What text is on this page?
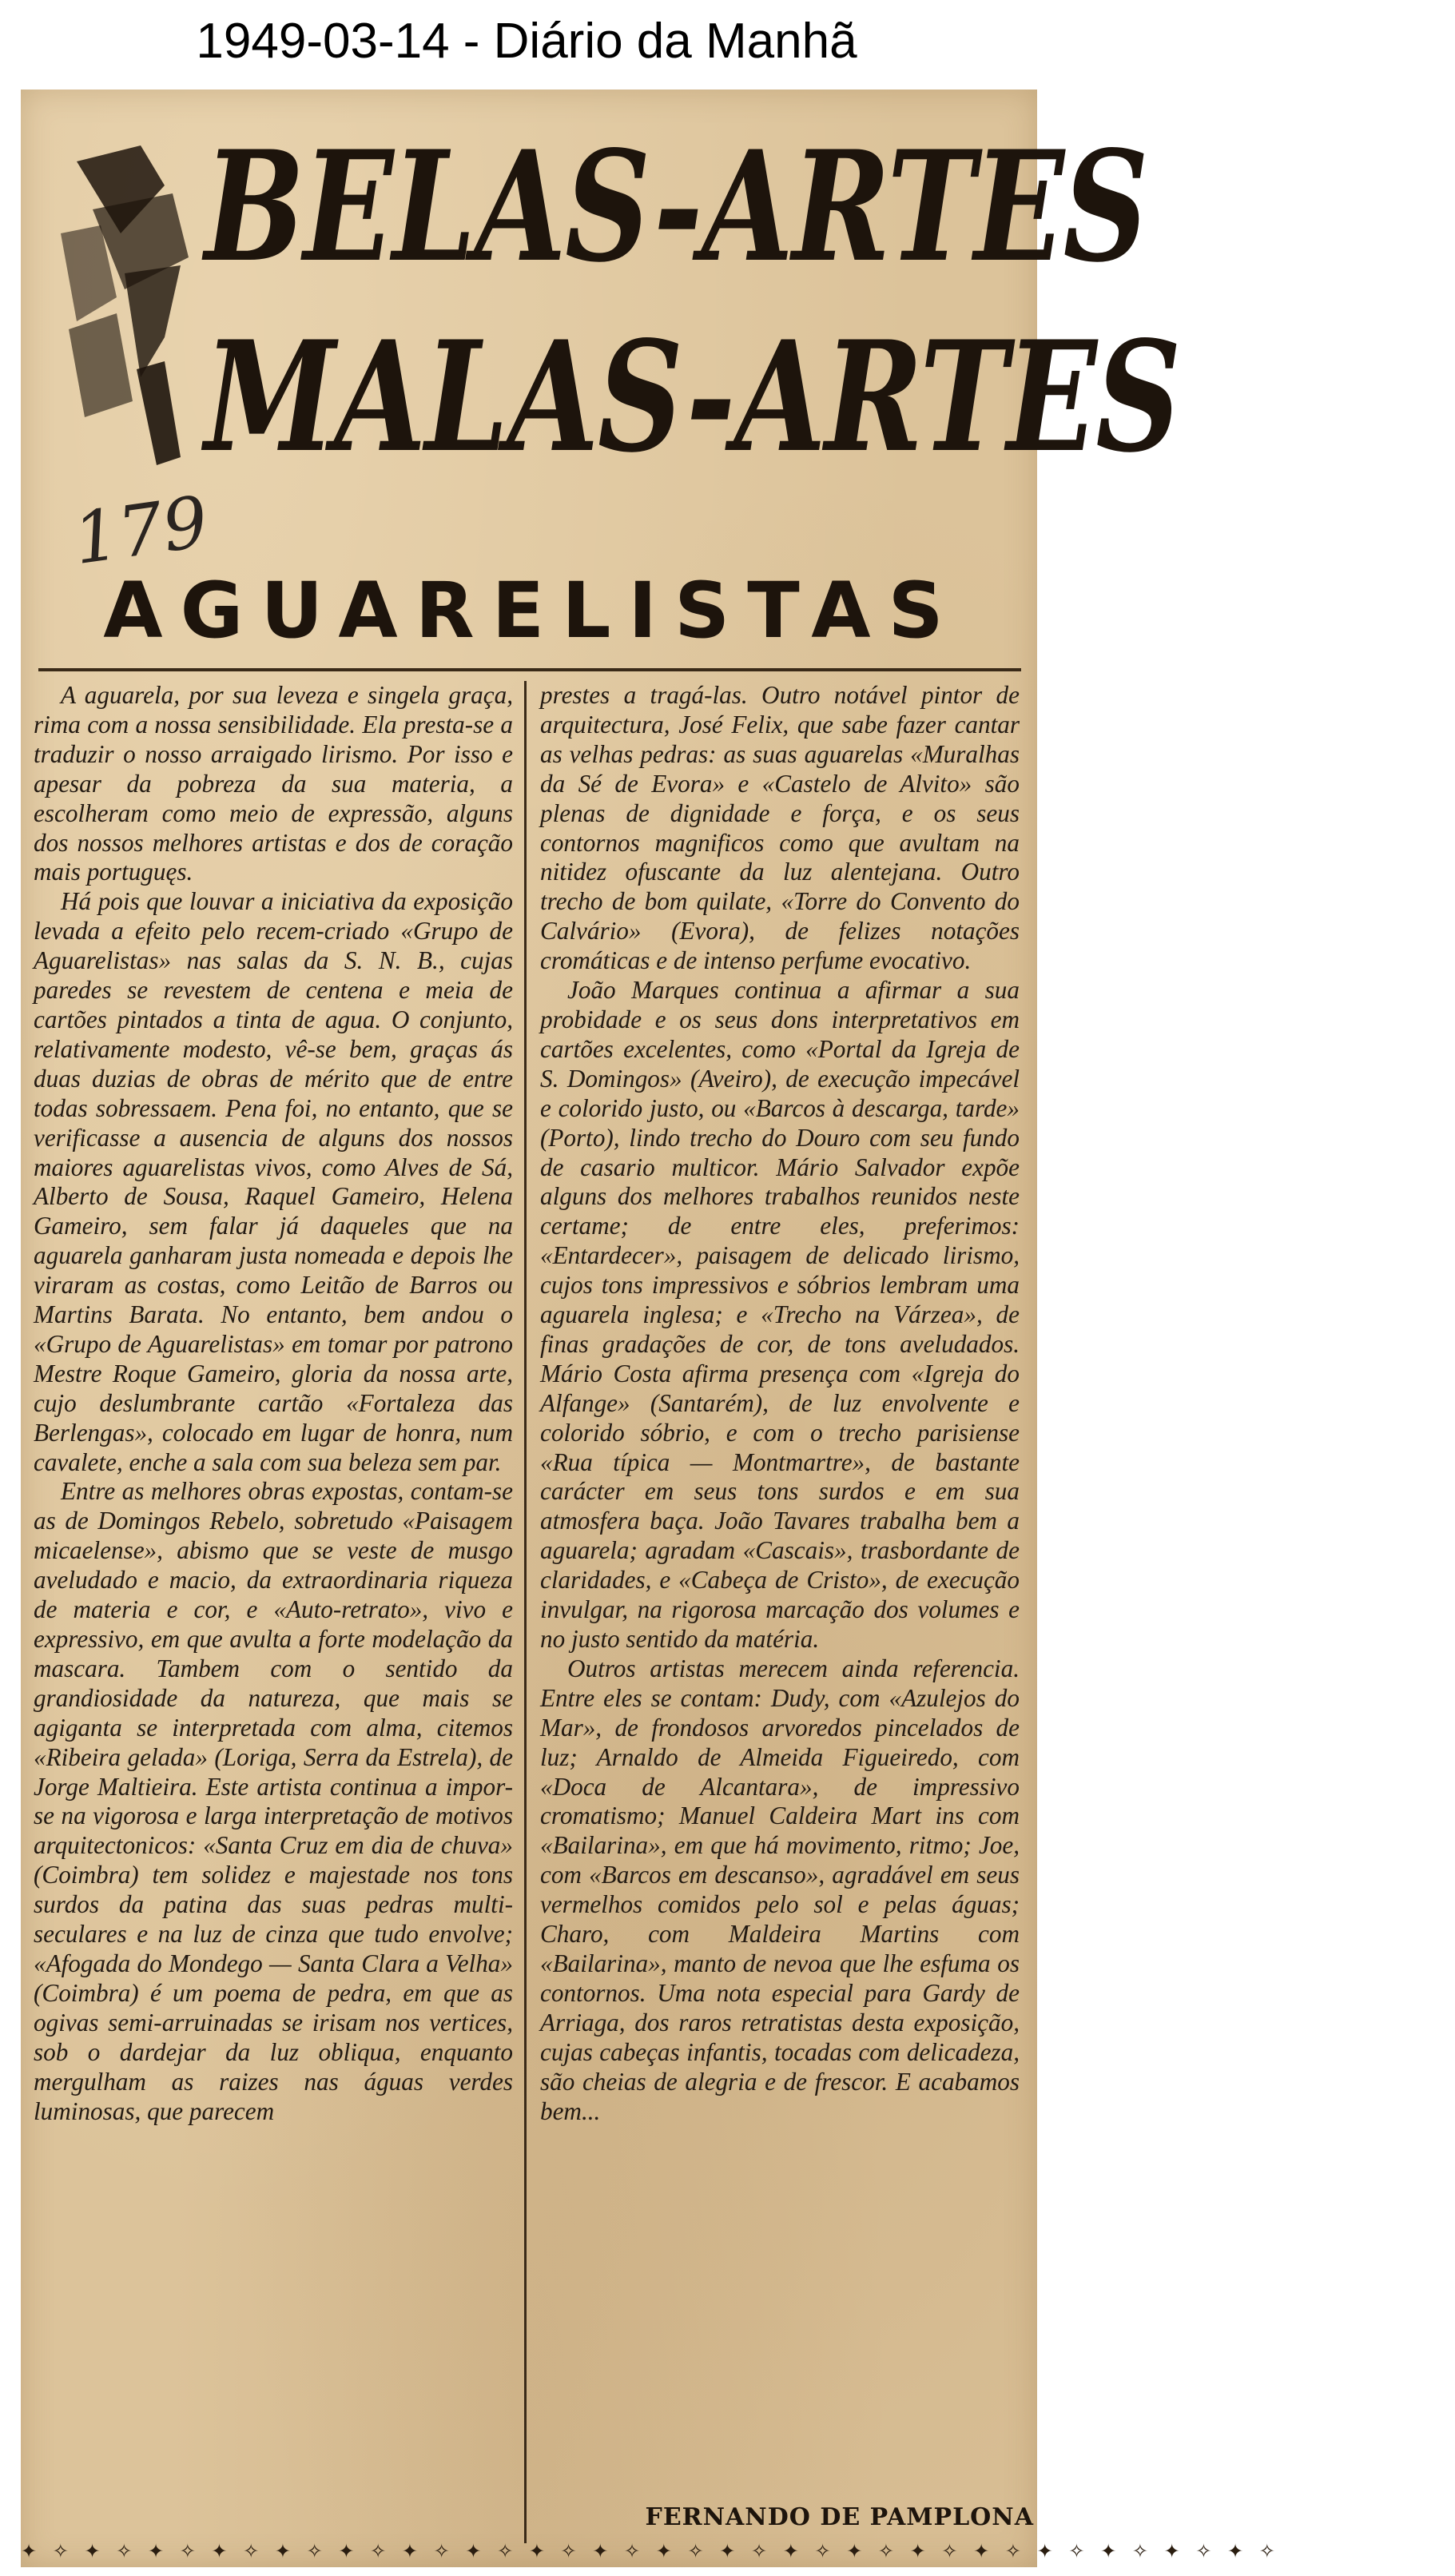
1949-03-14 - Diário da Manhã
BELAS-ARTES
MALAS-ARTES
179
AGUARELISTAS

A aguarela, por sua leveza e singela graça, rima com a nossa sensibilidade. Ela presta-se a traduzir o nosso arraigado lirismo. Por isso e apesar da pobreza da sua materia, a escolheram como meio de expressão, alguns dos nossos melhores artistas e dos de coração mais portuguęs.

Há pois que louvar a iniciativa da exposição levada a efeito pelo recem-criado «Grupo de Aguarelistas» nas salas da S. N. B., cujas paredes se revestem de centena e meia de cartões pintados a tinta de agua. O conjunto, relativamente modesto, vê-se bem, graças ás duas duzias de obras de mérito que de entre todas sobressaem. Pena foi, no entanto, que se verificasse a ausencia de alguns dos nossos maiores aguarelistas vivos, como Alves de Sá, Alberto de Sousa, Raquel Gameiro, Helena Gameiro, sem falar já daqueles que na aguarela ganharam justa nomeada e depois lhe viraram as costas, como Leitão de Barros ou Martins Barata. No entanto, bem andou o «Grupo de Aguarelistas» em tomar por patrono Mestre Roque Gameiro, gloria da nossa arte, cujo deslumbrante cartão «Fortaleza das Berlengas», colocado em lugar de honra, num cavalete, enche a sala com sua beleza sem par.

Entre as melhores obras expostas, contam-se as de Domingos Rebelo, sobretudo «Paisagem micaelense», abismo que se veste de musgo aveludado e macio, da extraordinaria riqueza de materia e cor, e «Auto-retrato», vivo e expressivo, em que avulta a forte modelação da mascara. Tambem com o sentido da grandiosidade da natureza, que mais se agiganta se interpretada com alma, citemos «Ribeira gelada» (Loriga, Serra da Estrela), de Jorge Maltieira. Este artista continua a impor-se na vigorosa e larga interpretação de motivos arquitectonicos: «Santa Cruz em dia de chuva» (Coimbra) tem solidez e majestade nos tons surdos da patina das suas pedras multi-seculares e na luz de cinza que tudo envolve; «Afogada do Mondego — Santa Clara a Velha» (Coimbra) é um poema de pedra, em que as ogivas semi-arruinadas se irisam nos vertices, sob o dardejar da luz obliqua, enquanto mergulham as raizes nas águas verdes luminosas, que parecem

prestes a tragá-las. Outro notável pintor de arquitectura, José Felix, que sabe fazer cantar as velhas pedras: as suas aguarelas «Muralhas da Sé de Evora» e «Castelo de Alvito» são plenas de dignidade e força, e os seus contornos magnificos como que avultam na nitidez ofuscante da luz alentejana. Outro trecho de bom quilate, «Torre do Convento do Calvário» (Evora), de felizes notações cromáticas e de intenso perfume evocativo.

João Marques continua a afirmar a sua probidade e os seus dons interpretativos em cartões excelentes, como «Portal da Igreja de S. Domingos» (Aveiro), de execução impecável e colorido justo, ou «Barcos à descarga, tarde» (Porto), lindo trecho do Douro com seu fundo de casario multicor. Mário Salvador expõe alguns dos melhores trabalhos reunidos neste certame; de entre eles, preferimos: «Entardecer», paisagem de delicado lirismo, cujos tons impressivos e sóbrios lembram uma aguarela inglesa; e «Trecho na Várzea», de finas gradações de cor, de tons aveludados. Mário Costa afirma presença com «Igreja do Alfange» (Santarém), de luz envolvente e colorido sóbrio, e com o trecho parisiense «Rua típica — Montmartre», de bastante carácter em seus tons surdos e em sua atmosfera baça. João Tavares trabalha bem a aguarela; agradam «Cascais», trasbordante de claridades, e «Cabeça de Cristo», de execução invulgar, na rigorosa marcação dos volumes e no justo sentido da matéria.

Outros artistas merecem ainda referencia. Entre eles se contam: Dudy, com «Azulejos do Mar», de frondosos arvoredos pincelados de luz; Arnaldo de Almeida Figueiredo, com «Doca de Alcantara», de impressivo cromatismo; Manuel Caldeira Mart ins com «Bailarina», em que há movimento, ritmo; Joe, com «Barcos em descanso», agradável em seus vermelhos comidos pelo sol e pelas águas; Charo, com Maldeira Martins com «Bailarina», manto de nevoa que lhe esfuma os contornos. Uma nota especial para Gardy de Arriaga, dos raros retratistas desta exposição, cujas cabeças infantis, tocadas com delicadeza, são cheias de alegria e de frescor. E acabamos bem...

FERNANDO DE PAMPLONA
✦ ✧ ✦ ✧ ✦ ✧ ✦ ✧ ✦ ✧ ✦ ✧ ✦ ✧ ✦ ✧ ✦ ✧ ✦ ✧ ✦ ✧ ✦ ✧ ✦ ✧ ✦ ✧ ✦ ✧ ✦ ✧ ✦ ✧ ✦ ✧ ✦ ✧ ✦ ✧
